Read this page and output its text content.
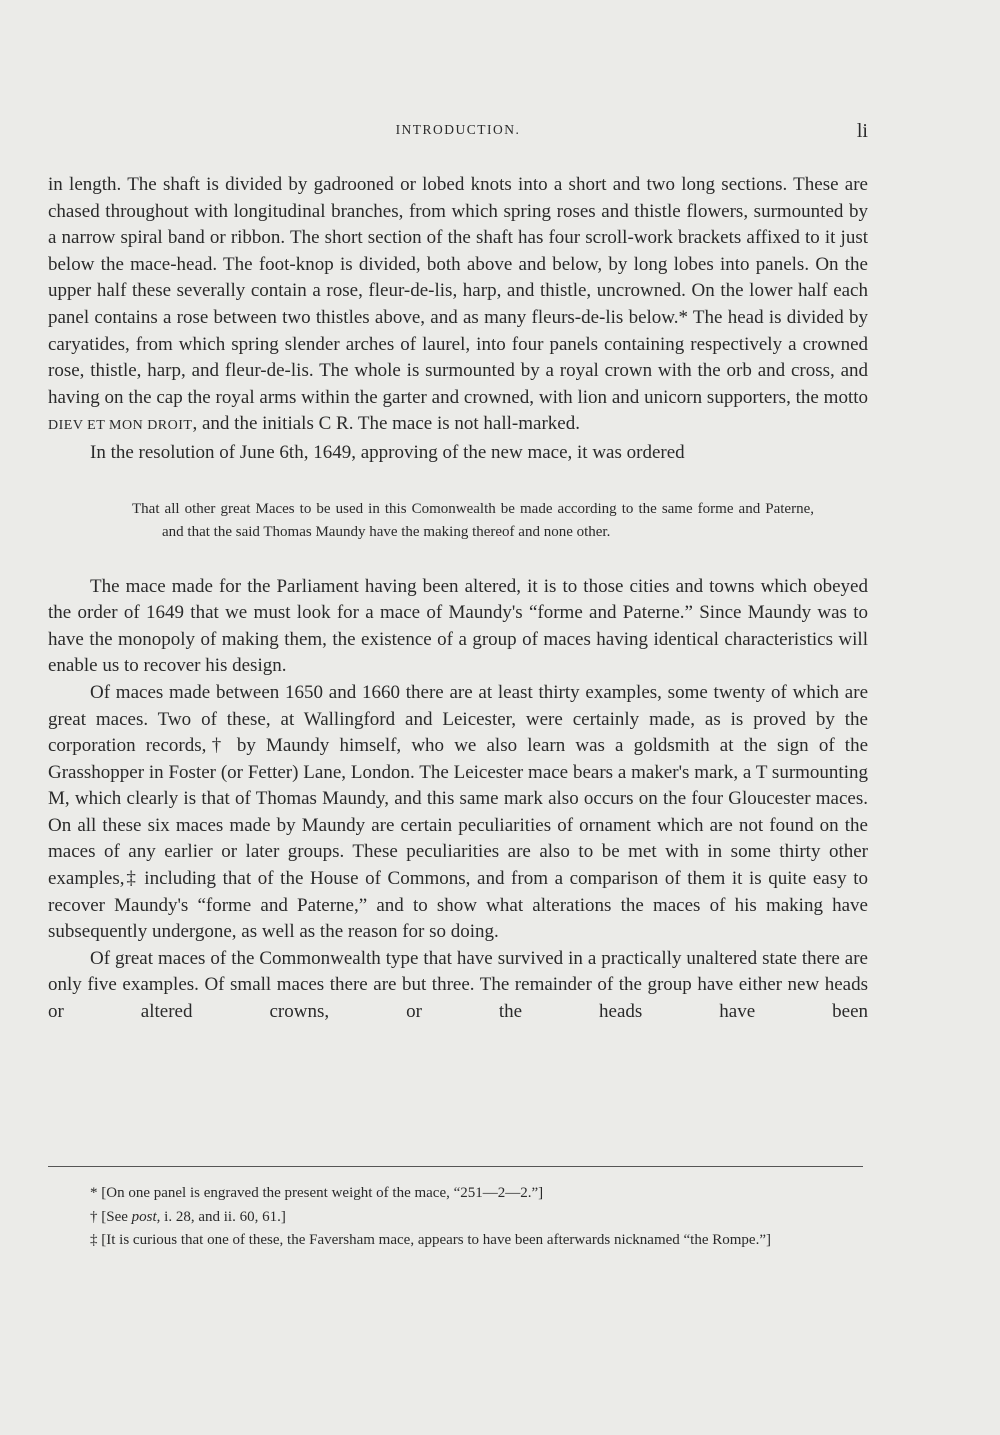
INTRODUCTION.	li

in length. The shaft is divided by gadrooned or lobed knots into a short and two long sections. These are chased throughout with longitudinal branches, from which spring roses and thistle flowers, surmounted by a narrow spiral band or ribbon. The short section of the shaft has four scroll-work brackets affixed to it just below the mace-head. The foot-knop is divided, both above and below, by long lobes into panels. On the upper half these severally contain a rose, fleur-de-lis, harp, and thistle, uncrowned. On the lower half each panel contains a rose between two thistles above, and as many fleurs-de-lis below.* The head is divided by caryatides, from which spring slender arches of laurel, into four panels containing respectively a crowned rose, thistle, harp, and fleur-de-lis. The whole is surmounted by a royal crown with the orb and cross, and having on the cap the royal arms within the garter and crowned, with lion and unicorn supporters, the motto DIEV ET MON DROIT, and the initials C R. The mace is not hall-marked.

In the resolution of June 6th, 1649, approving of the new mace, it was ordered

That all other great Maces to be used in this Comonwealth be made according to the same forme and Paterne, and that the said Thomas Maundy have the making thereof and none other.

The mace made for the Parliament having been altered, it is to those cities and towns which obeyed the order of 1649 that we must look for a mace of Maundy's “forme and Paterne.” Since Maundy was to have the monopoly of making them, the existence of a group of maces having identical characteristics will enable us to recover his design.

Of maces made between 1650 and 1660 there are at least thirty examples, some twenty of which are great maces. Two of these, at Wallingford and Leicester, were certainly made, as is proved by the corporation records,† by Maundy himself, who we also learn was a goldsmith at the sign of the Grasshopper in Foster (or Fetter) Lane, London. The Leicester mace bears a maker's mark, a T surmounting M, which clearly is that of Thomas Maundy, and this same mark also occurs on the four Gloucester maces. On all these six maces made by Maundy are certain peculiarities of ornament which are not found on the maces of any earlier or later groups. These peculiarities are also to be met with in some thirty other examples,‡ including that of the House of Commons, and from a comparison of them it is quite easy to recover Maundy's “forme and Paterne,” and to show what alterations the maces of his making have subsequently undergone, as well as the reason for so doing.

Of great maces of the Commonwealth type that have survived in a practically unaltered state there are only five examples. Of small maces there are but three. The remainder of the group have either new heads or altered crowns, or the heads have been

* [On one panel is engraved the present weight of the mace, “251—2—2.”]

† [See post, i. 28, and ii. 60, 61.]

‡ [It is curious that one of these, the Faversham mace, appears to have been afterwards nicknamed “the Rompe.”]
